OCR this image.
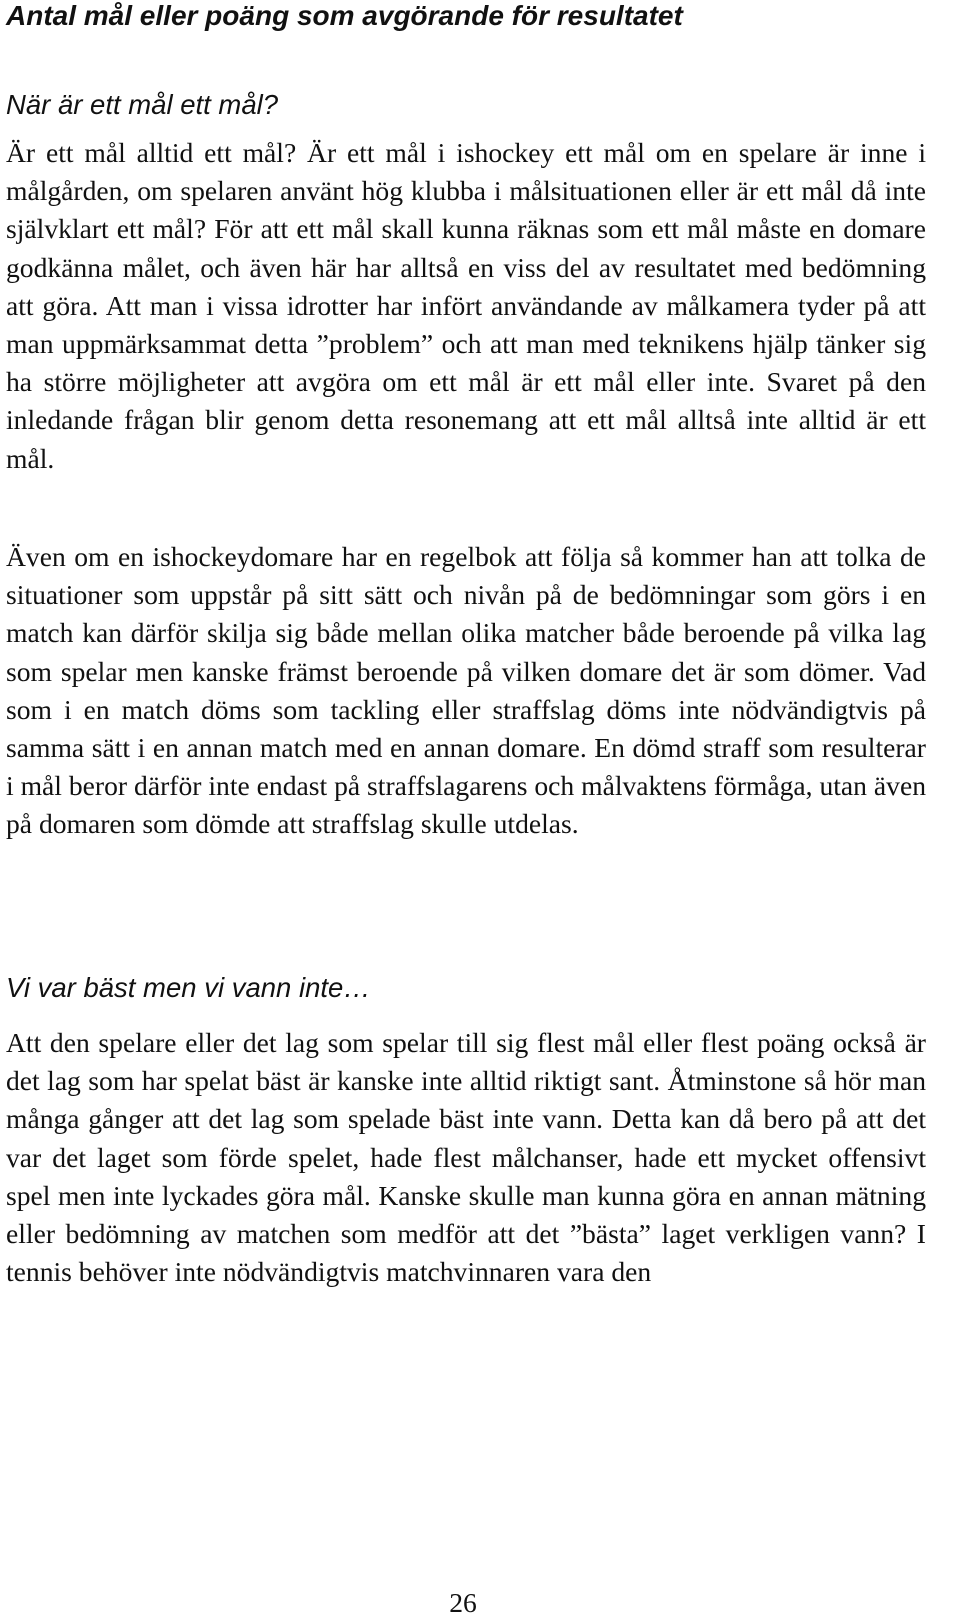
Antal mål eller poäng som avgörande för resultatet
När är ett mål ett mål?

Är ett mål alltid ett mål? Är ett mål i ishockey ett mål om en spelare är inne i målgården, om spelaren använt hög klubba i målsituationen eller är ett mål då inte självklart ett mål? För att ett mål skall kunna räknas som ett mål måste en domare godkänna målet, och även här har alltså en viss del av resultatet med bedömning att göra. Att man i vissa idrotter har infört användande av målkamera tyder på att man uppmärksammat detta ”problem” och att man med teknikens hjälp tänker sig ha större möjligheter att avgöra om ett mål är ett mål eller inte. Svaret på den inledande frågan blir genom detta resonemang att ett mål alltså inte alltid är ett mål.

Även om en ishockeydomare har en regelbok att följa så kommer han att tolka de situationer som uppstår på sitt sätt och nivån på de bedömningar som görs i en match kan därför skilja sig både mellan olika matcher både beroende på vilka lag som spelar men kanske främst beroende på vilken domare det är som dömer. Vad som i en match döms som tackling eller straffslag döms inte nödvändigtvis på samma sätt i en annan match med en annan domare. En dömd straff som resulterar i mål beror därför inte endast på straffslagarens och målvaktens förmåga, utan även på domaren som dömde att straffslag skulle utdelas.

Vi var bäst men vi vann inte…

Att den spelare eller det lag som spelar till sig flest mål eller flest poäng också är det lag som har spelat bäst är kanske inte alltid riktigt sant. Åtminstone så hör man många gånger att det lag som spelade bäst inte vann. Detta kan då bero på att det var det laget som förde spelet, hade flest målchanser, hade ett mycket offensivt spel men inte lyckades göra mål. Kanske skulle man kunna göra en annan mätning eller bedömning av matchen som medför att det ”bästa” laget verkligen vann? I tennis behöver inte nödvändigtvis matchvinnaren vara den

26
